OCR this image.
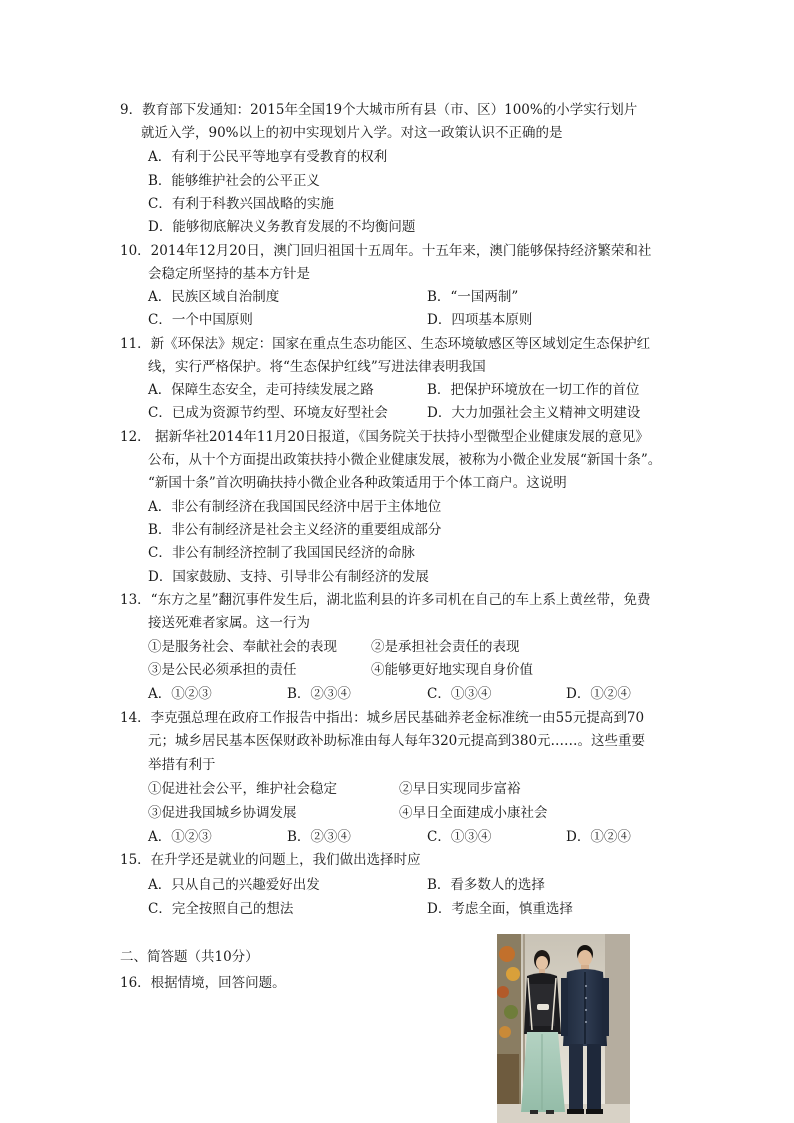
9．教育部下发通知：2015年全国19个大城市所有县（市、区）100%的小学实行划片
就近入学，90%以上的初中实现划片入学。对这一政策认识不正确的是
A．有利于公民平等地享有受教育的权利
B．能够维护社会的公平正义
C．有利于科教兴国战略的实施
D．能够彻底解决义务教育发展的不均衡问题
10．2014年12月20日，澳门回归祖国十五周年。十五年来，澳门能够保持经济繁荣和社
会稳定所坚持的基本方针是
A．民族区域自治制度	B．“一国两制”
C．一个中国原则	D．四项基本原则
11．新《环保法》规定：国家在重点生态功能区、生态环境敏感区等区域划定生态保护红
线，实行严格保护。将“生态保护红线”写进法律表明我国
A．保障生态安全，走可持续发展之路	B．把保护环境放在一切工作的首位
C．已成为资源节约型、环境友好型社会	D．大力加强社会主义精神文明建设
12． 据新华社2014年11月20日报道，《国务院关于扶持小型微型企业健康发展的意见》
公布，从十个方面提出政策扶持小微企业健康发展，被称为小微企业发展“新国十条”。
“新国十条”首次明确扶持小微企业各种政策适用于个体工商户。这说明
A．非公有制经济在我国国民经济中居于主体地位
B．非公有制经济是社会主义经济的重要组成部分
C．非公有制经济控制了我国国民经济的命脉
D．国家鼓励、支持、引导非公有制经济的发展
13．“东方之星”翻沉事件发生后，湖北监利县的许多司机在自己的车上系上黄丝带，免费
接送死难者家属。这一行为
①是服务社会、奉献社会的表现	②是承担社会责任的表现
③是公民必须承担的责任	④能够更好地实现自身价值
A．①②③	B．②③④	C．①③④	D．①②④
14．李克强总理在政府工作报告中指出：城乡居民基础养老金标准统一由55元提高到70
元；城乡居民基本医保财政补助标准由每人每年320元提高到380元……。这些重要
举措有利于
①促进社会公平，维护社会稳定	②早日实现同步富裕
③促进我国城乡协调发展	④早日全面建成小康社会
A．①②③	B．②③④	C．①③④	D．①②④
15．在升学还是就业的问题上，我们做出选择时应
A．只从自己的兴趣爱好出发	B．看多数人的选择
C．完全按照自己的想法	D．考虑全面，慎重选择
二、简答题（共10分）
16．根据情境，回答问题。
